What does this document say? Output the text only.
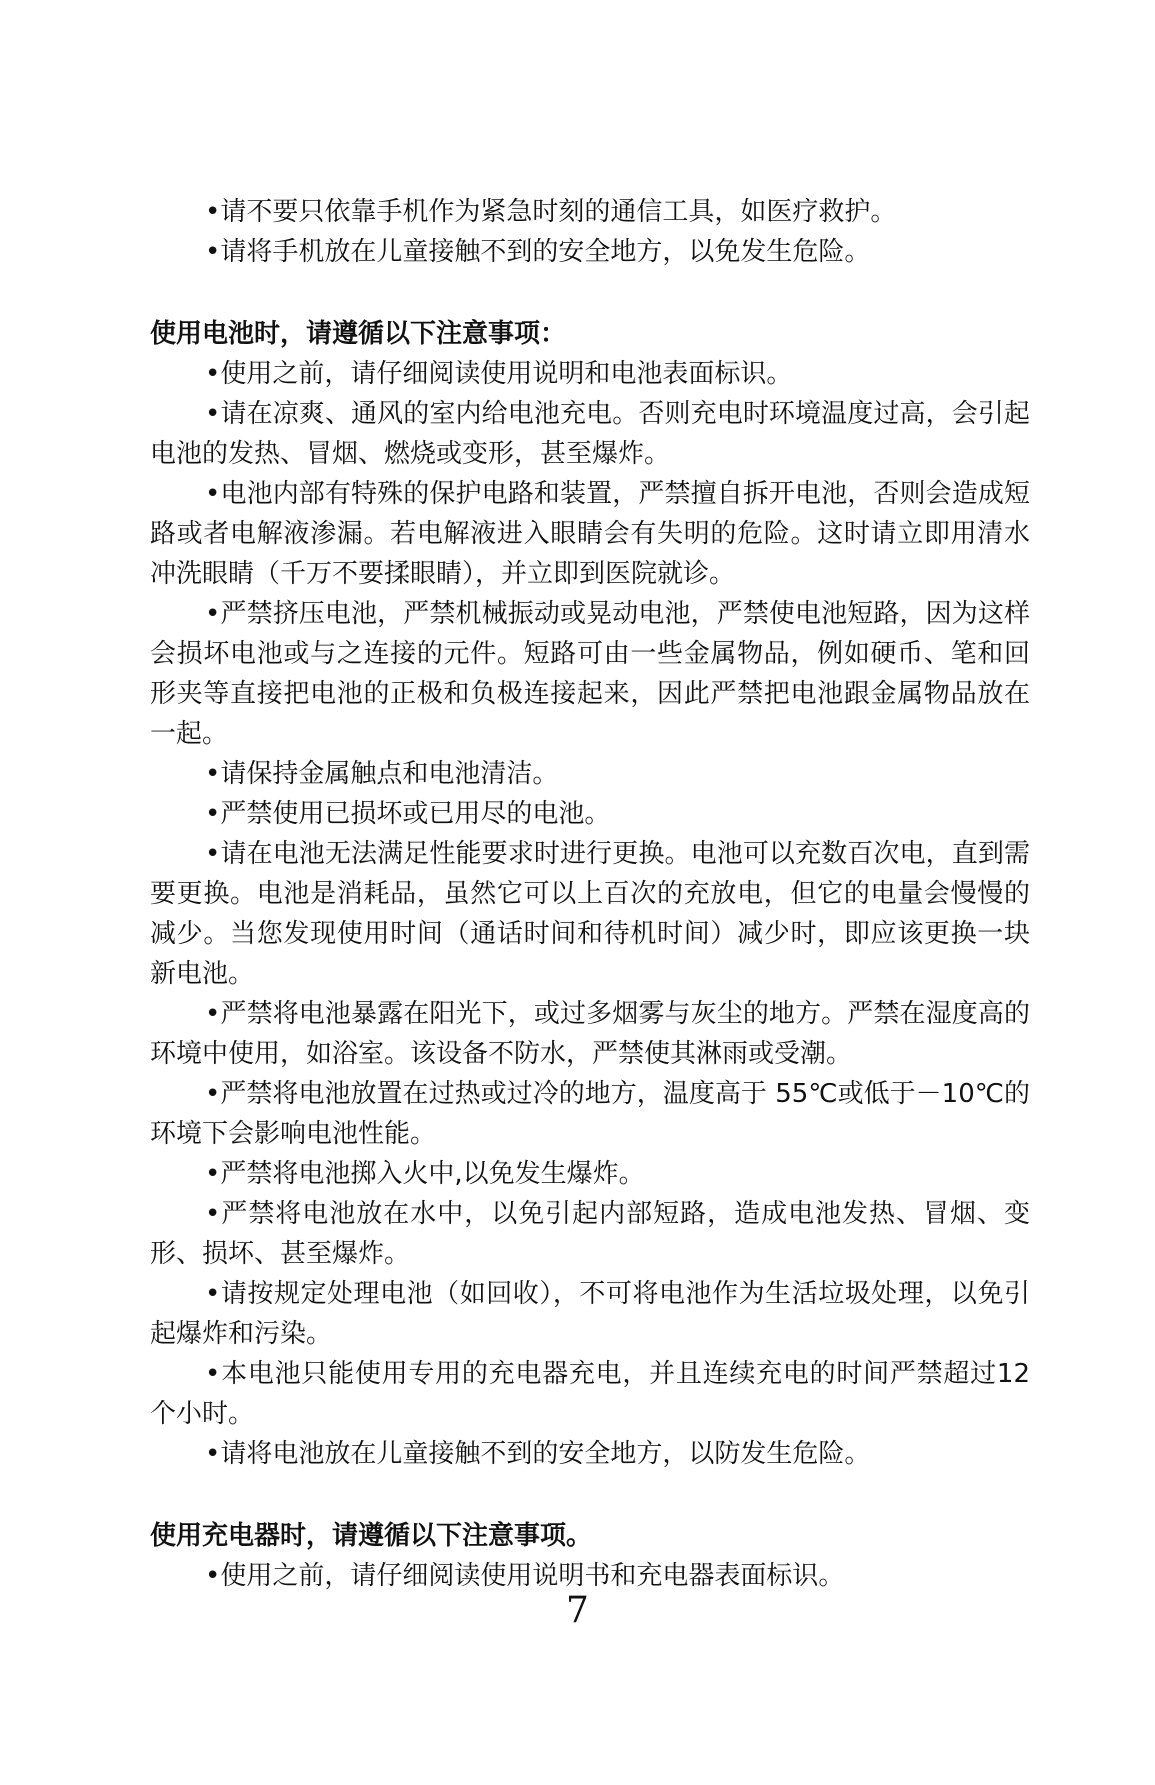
•请不要只依靠手机作为紧急时刻的通信工具，如医疗救护。

•请将手机放在儿童接触不到的安全地方，以免发生危险。

使用电池时，请遵循以下注意事项：

•使用之前，请仔细阅读使用说明和电池表面标识。

•请在凉爽、通风的室内给电池充电。否则充电时环境温度过高，会引起电池的发热、冒烟、燃烧或变形，甚至爆炸。

•电池内部有特殊的保护电路和装置，严禁擅自拆开电池，否则会造成短路或者电解液渗漏。若电解液进入眼睛会有失明的危险。这时请立即用清水冲洗眼睛（千万不要揉眼睛），并立即到医院就诊。

•严禁挤压电池，严禁机械振动或晃动电池，严禁使电池短路，因为这样会损坏电池或与之连接的元件。短路可由一些金属物品，例如硬币、笔和回形夹等直接把电池的正极和负极连接起来，因此严禁把电池跟金属物品放在一起。

•请保持金属触点和电池清洁。

•严禁使用已损坏或已用尽的电池。

•请在电池无法满足性能要求时进行更换。电池可以充数百次电，直到需要更换。电池是消耗品，虽然它可以上百次的充放电，但它的电量会慢慢的减少。当您发现使用时间（通话时间和待机时间）减少时，即应该更换一块新电池。

•严禁将电池暴露在阳光下，或过多烟雾与灰尘的地方。严禁在湿度高的环境中使用，如浴室。该设备不防水，严禁使其淋雨或受潮。

•严禁将电池放置在过热或过冷的地方，温度高于 55℃或低于－10℃的环境下会影响电池性能。

•严禁将电池掷入火中,以免发生爆炸。

•严禁将电池放在水中，以免引起内部短路，造成电池发热、冒烟、变形、损坏、甚至爆炸。

•请按规定处理电池（如回收），不可将电池作为生活垃圾处理，以免引起爆炸和污染。

•本电池只能使用专用的充电器充电，并且连续充电的时间严禁超过12 个小时。

•请将电池放在儿童接触不到的安全地方，以防发生危险。

使用充电器时，请遵循以下注意事项。

•使用之前，请仔细阅读使用说明书和充电器表面标识。

7
